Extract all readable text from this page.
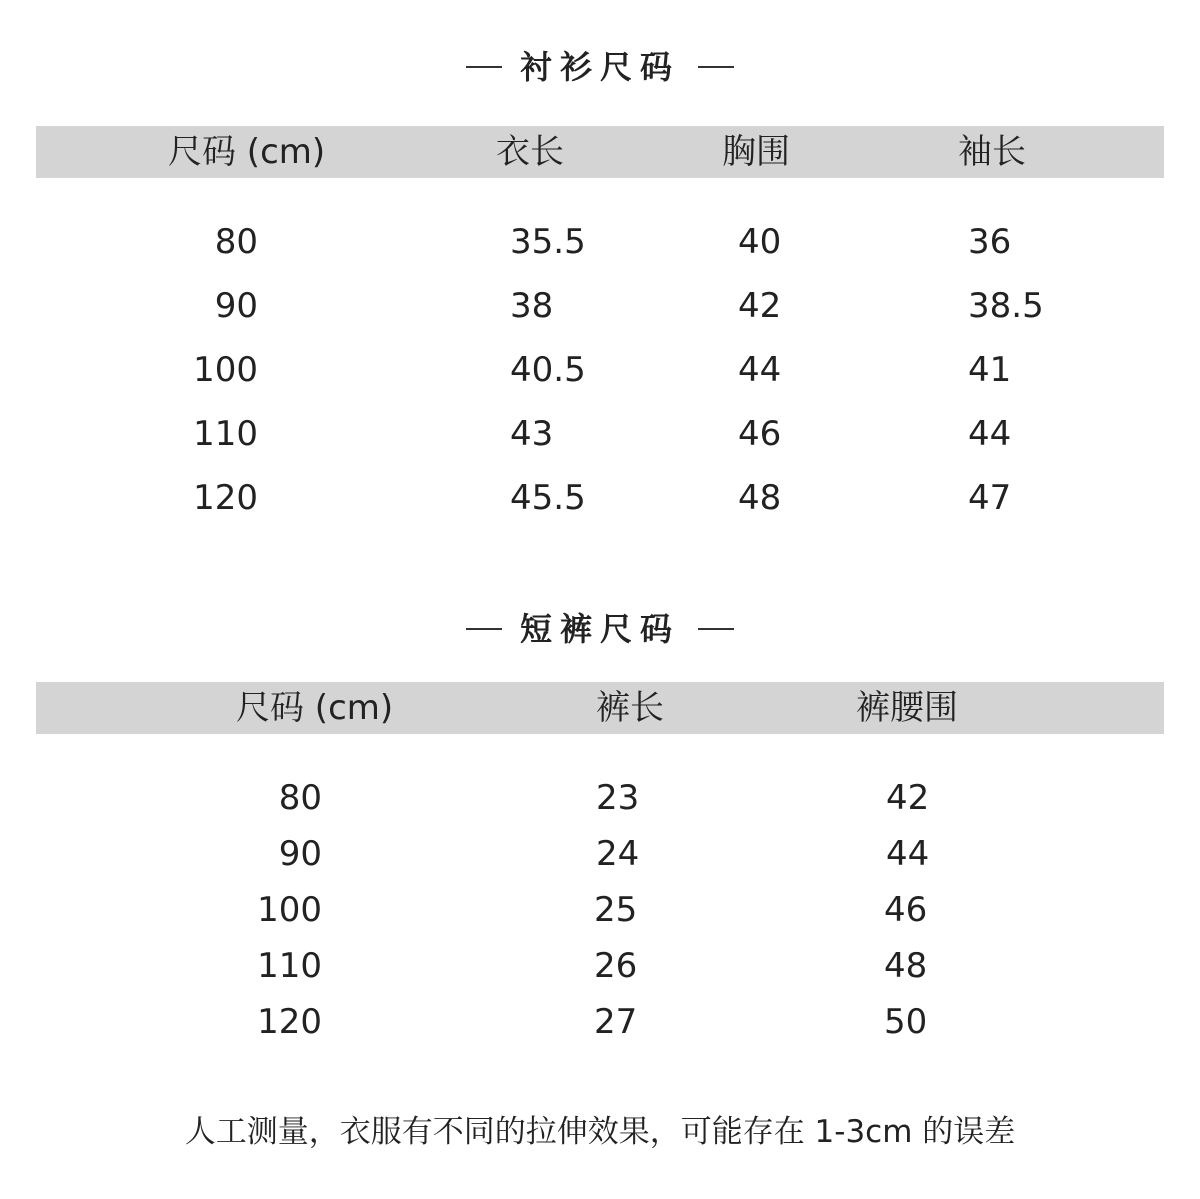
衬衫尺码
尺码 (cm)	衣长	胸围	袖长
80	35.5	40	36
90	38	42	38.5
100	40.5	44	41
110	43	46	44
120	45.5	48	47
短裤尺码
尺码 (cm)	裤长	裤腰围
80	23	42
90	24	44
100	25	46
110	26	48
120	27	50
人工测量，衣服有不同的拉伸效果，可能存在 1-3cm 的误差
